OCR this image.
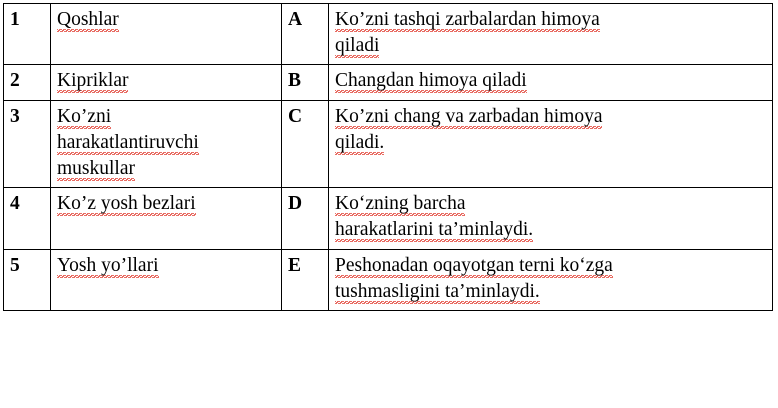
1	Qoshlar	A	Ko’zni tashqi zarbalardan himoya
qiladi

2	Kipriklar	B	Changdan himoya qiladi

3	Ko’zni
harakatlantiruvchi
muskullar	C	Ko’zni chang va zarbadan himoya
qiladi.

4	Ko’z yosh bezlari	D	Ko‘zning barcha
harakatlarini ta’minlaydi.

5	Yosh yo’llari	E	Peshonadan oqayotgan terni ko‘zga
tushmasligini ta’minlaydi.
